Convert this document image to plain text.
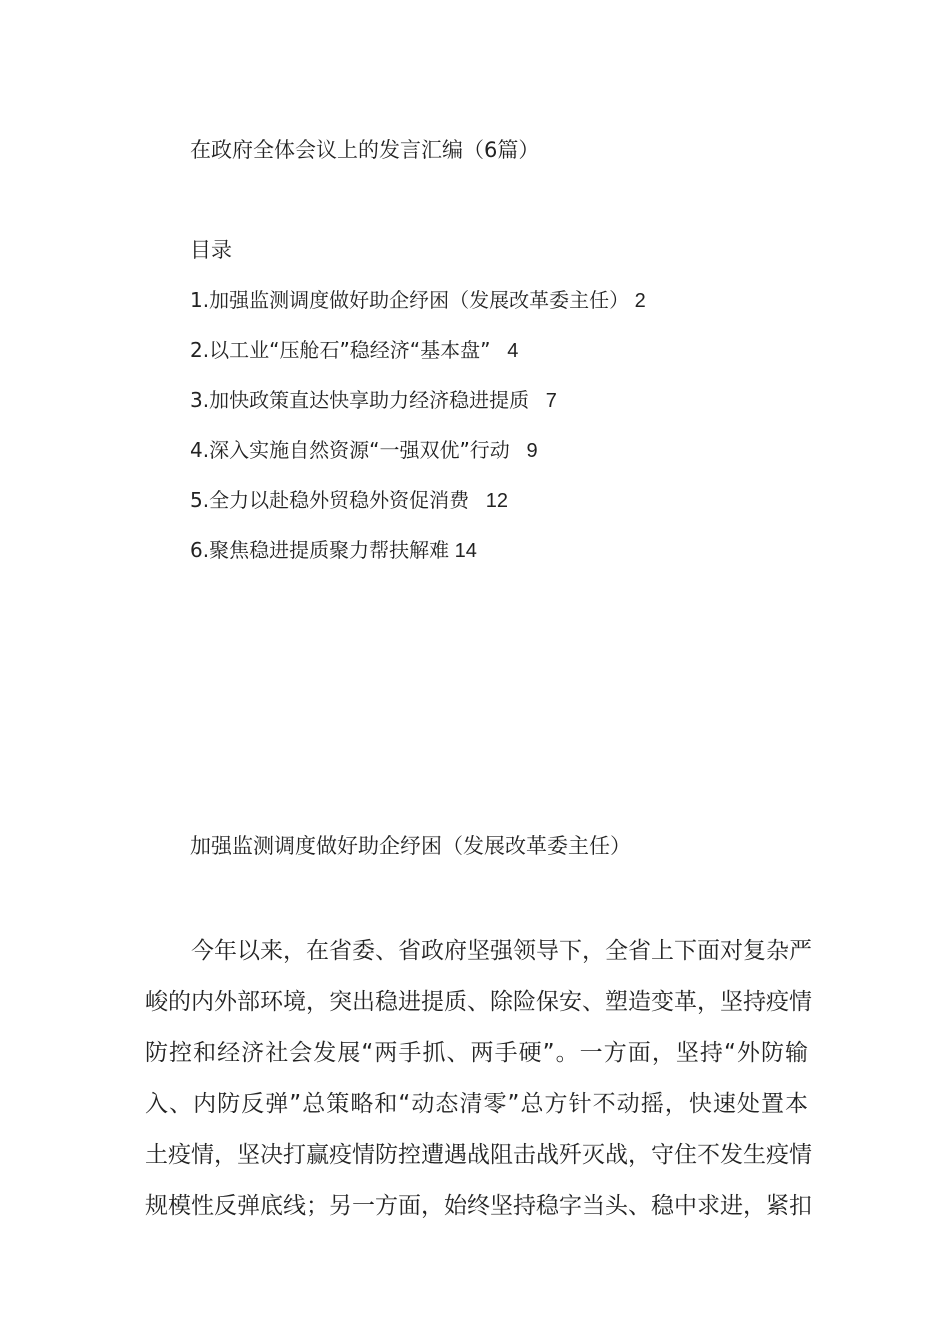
在政府全体会议上的发言汇编（6篇）
目录
1.加强监测调度做好助企纾困（发展改革委主任） 2
2.以工业“压舱石”稳经济“基本盘”   4
3.加快政策直达快享助力经济稳进提质   7
4.深入实施自然资源“一强双优”行动   9
5.全力以赴稳外贸稳外资促消费   12
6.聚焦稳进提质聚力帮扶解难 14
加强监测调度做好助企纾困（发展改革委主任）
今年以来，在省委、省政府坚强领导下，全省上下面对复杂严
峻的内外部环境，突出稳进提质、除险保安、塑造变革，坚持疫情
防控和经济社会发展“两手抓、两手硬”。一方面，坚持“外防输
入、内防反弹”总策略和“动态清零”总方针不动摇，快速处置本
土疫情，坚决打赢疫情防控遭遇战阻击战歼灭战，守住不发生疫情
规模性反弹底线；另一方面，始终坚持稳字当头、稳中求进，紧扣
